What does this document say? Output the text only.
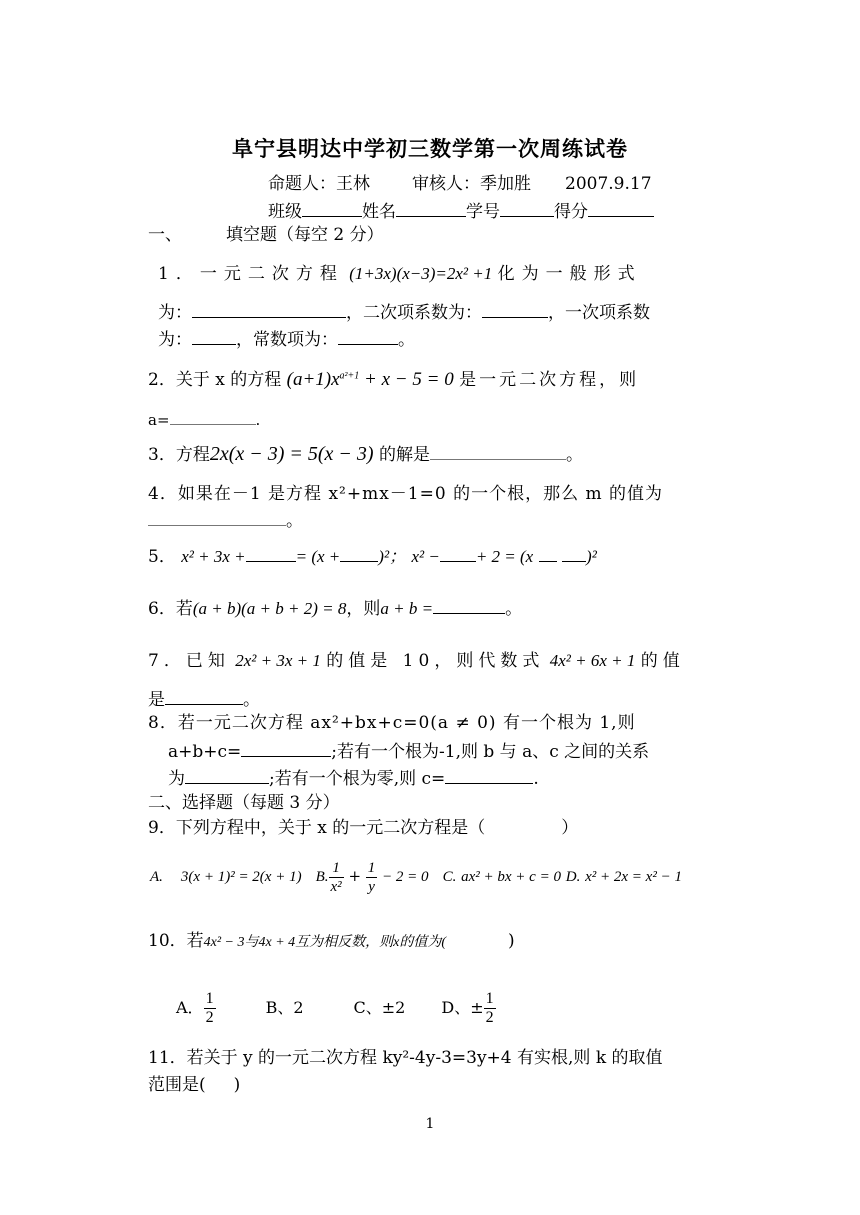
阜宁县明达中学初三数学第一次周练试卷
命题人：王林 审核人：季加胜 2007.9.17
班级	姓名	学号	得分
一、	填空题（每空 2 分）
1．一元二次方程 (1+3x)(x−3)=2x² +1 化为一般形式
为：	，二次项系数为：	，一次项系数
为：	，常数项为：	。
2．关于 x 的方程 $(a+1)x^{a^2+1} + x - 5 = 0$ 是一元二次方程，则
a=	.
3．方程2x(x − 3) = 5(x − 3) 的解是	。
4．如果在－1 是方程 x²+mx－1=0 的一个根，那么 m 的值为
。
5． x² + 3x +	= (x + )²； x² − + 2 = (x	)²
6．若(a + b)(a + b + 2) = 8，则a + b =	。
7．已知 2x² + 3x + 1 的值是 10，则代数式 4x² + 6x + 1 的值
是	。
8．若一元二次方程 ax²+bx+c=0(a ≠ 0) 有一个根为 1,则
a+b+c=	;若有一个根为-1,则 b 与 a、c 之间的关系
为	;若有一个根为零,则 c=	.
二、选择题（每题 3 分）
9．下列方程中，关于 x 的一元二次方程是（	）
A. 3(x + 1)² = 2(x + 1) B. $\frac{1}{\text{x²}} + \frac{1}{y} - 2 = 0$ C. ax² + bx + c = 0 D. x² + 2x = x² − 1
10．若4x² − 3与4x + 4互为相反数，则x的值为(	)
A． $\frac{1}{2}$	B、2	C、±2 D、± $\frac{1}{2}$
11．若关于 y 的一元二次方程 ky²-4y-3=3y+4 有实根,则 k 的取值
范围是( )
1
